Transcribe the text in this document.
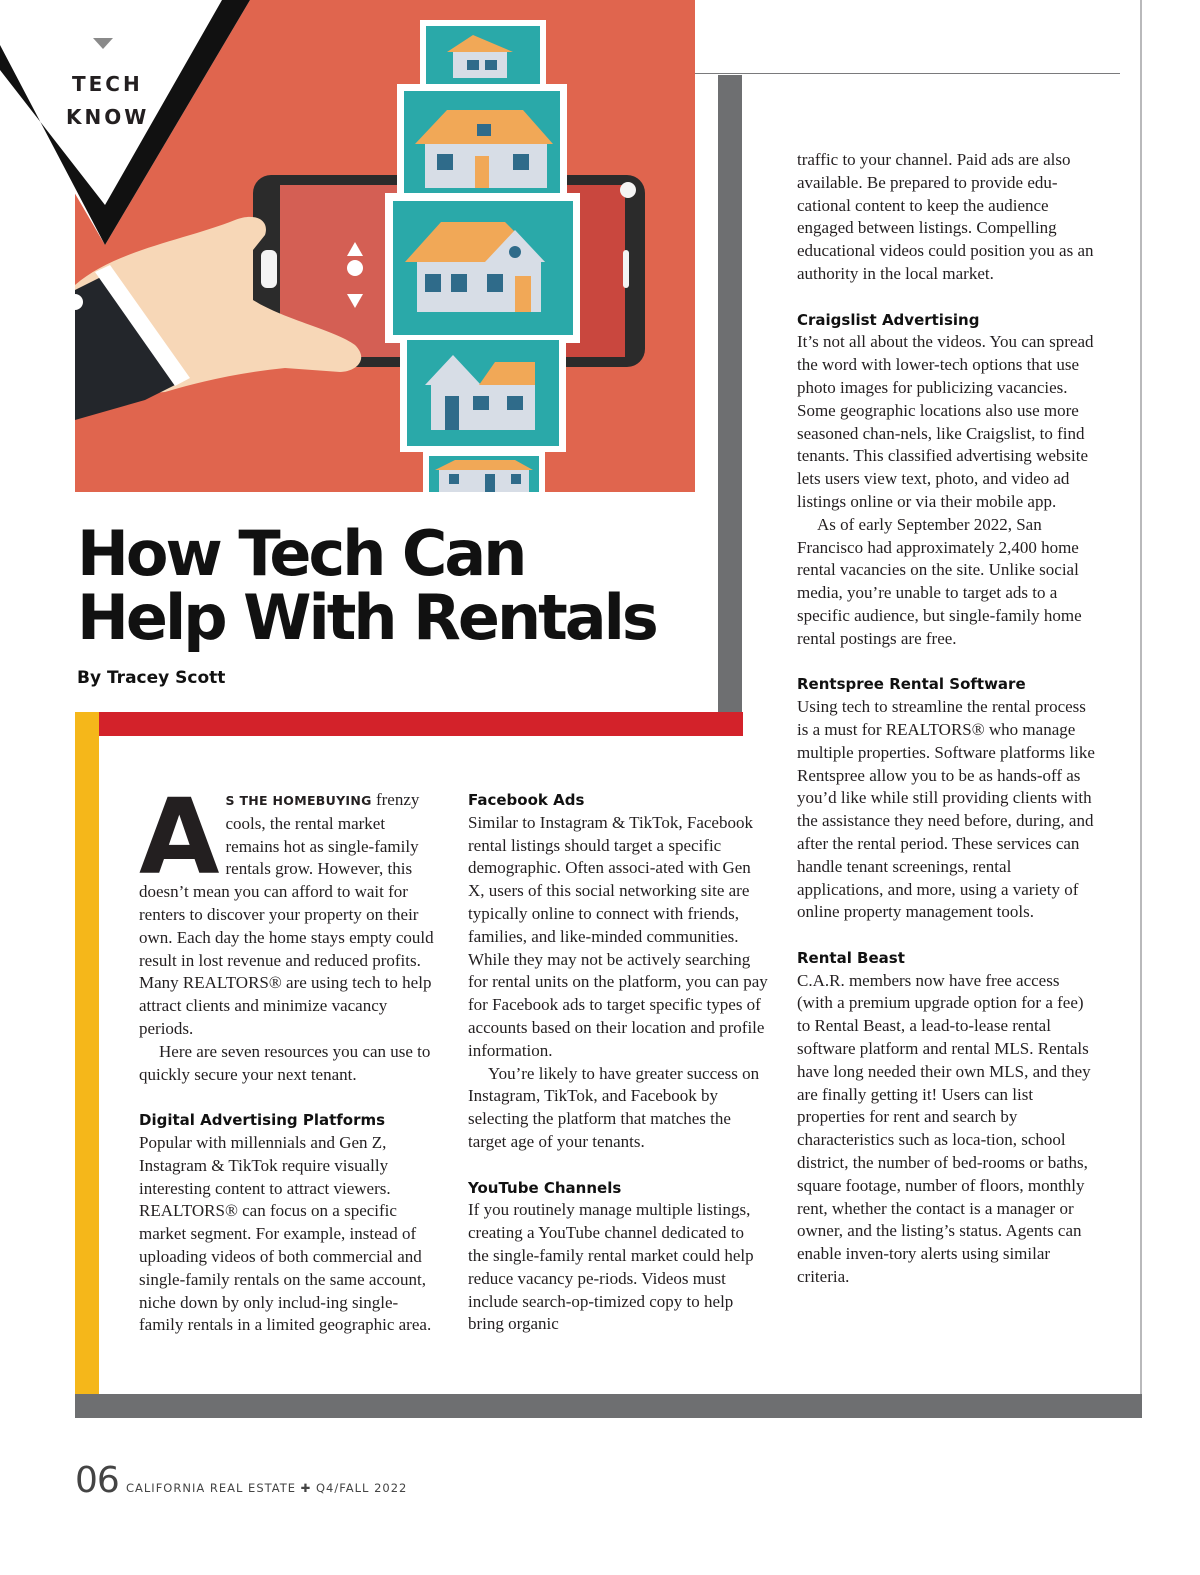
TECH
KNOW
How Tech Can
Help With Rentals
By Tracey Scott

A S THE HOMEBUYING frenzy cools, the rental market remains hot as single-family rentals grow. However, this doesn’t mean you can afford to wait for renters to discover your property on their own. Each day the home stays empty could result in lost revenue and reduced profits. Many REALTORS® are using tech to help attract clients and minimize vacancy periods.

Here are seven resources you can use to quickly secure your next tenant.

Digital Advertising Platforms

Popular with millennials and Gen Z, Instagram & TikTok require visually interesting content to attract viewers. REALTORS® can focus on a specific market segment. For example, instead of uploading videos of both commercial and single-family rentals on the same account, niche down by only includ-ing single-family rentals in a limited geographic area.

Facebook Ads

Similar to Instagram & TikTok, Facebook rental listings should target a specific demographic. Often associ-ated with Gen X, users of this social networking site are typically online to connect with friends, families, and like-minded communities. While they may not be actively searching for rental units on the platform, you can pay for Facebook ads to target specific types of accounts based on their location and profile information.

You’re likely to have greater success on Instagram, TikTok, and Facebook by selecting the platform that matches the target age of your tenants.

YouTube Channels

If you routinely manage multiple listings, creating a YouTube channel dedicated to the single-family rental market could help reduce vacancy pe-riods. Videos must include search-op-timized copy to help bring organic

traffic to your channel. Paid ads are also available. Be prepared to provide edu-cational content to keep the audience engaged between listings. Compelling educational videos could position you as an authority in the local market.

Craigslist Advertising

It’s not all about the videos. You can spread the word with lower-tech options that use photo images for publicizing vacancies. Some geographic locations also use more seasoned chan-nels, like Craigslist, to find tenants. This classified advertising website lets users view text, photo, and video ad listings online or via their mobile app.

As of early September 2022, San Francisco had approximately 2,400 home rental vacancies on the site. Unlike social media, you’re unable to target ads to a specific audience, but single-family home rental postings are free.

Rentspree Rental Software

Using tech to streamline the rental process is a must for REALTORS® who manage multiple properties. Software platforms like Rentspree allow you to be as hands-off as you’d like while still providing clients with the assistance they need before, during, and after the rental period. These services can handle tenant screenings, rental applications, and more, using a variety of online property management tools.

Rental Beast

C.A.R. members now have free access (with a premium upgrade option for a fee) to Rental Beast, a lead-to-lease rental software platform and rental MLS. Rentals have long needed their own MLS, and they are finally getting it! Users can list properties for rent and search by characteristics such as loca-tion, school district, the number of bed-rooms or baths, square footage, number of floors, monthly rent, whether the contact is a manager or owner, and the listing’s status. Agents can enable inven-tory alerts using similar criteria.

06 CALIFORNIA REAL ESTATE ✚ Q4/FALL 2022
